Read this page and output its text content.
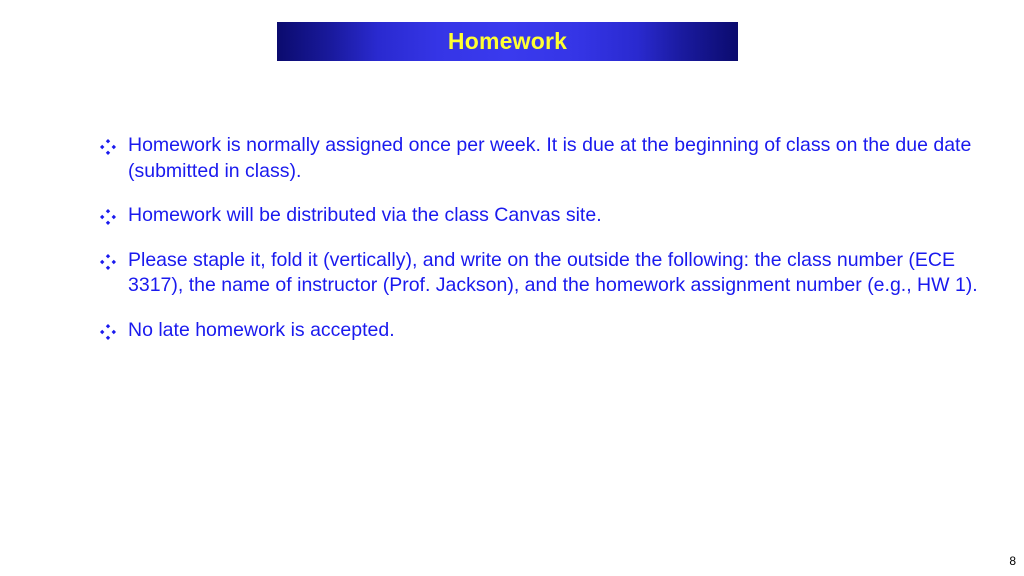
Homework
Homework is normally assigned once per week. It is due at the beginning of class on the due date (submitted in class).
Homework will be distributed via the class Canvas site.
Please staple it, fold it (vertically), and write on the outside the following: the class number (ECE 3317), the name of instructor (Prof. Jackson), and the homework assignment number (e.g., HW 1).
No late homework is accepted.
8
